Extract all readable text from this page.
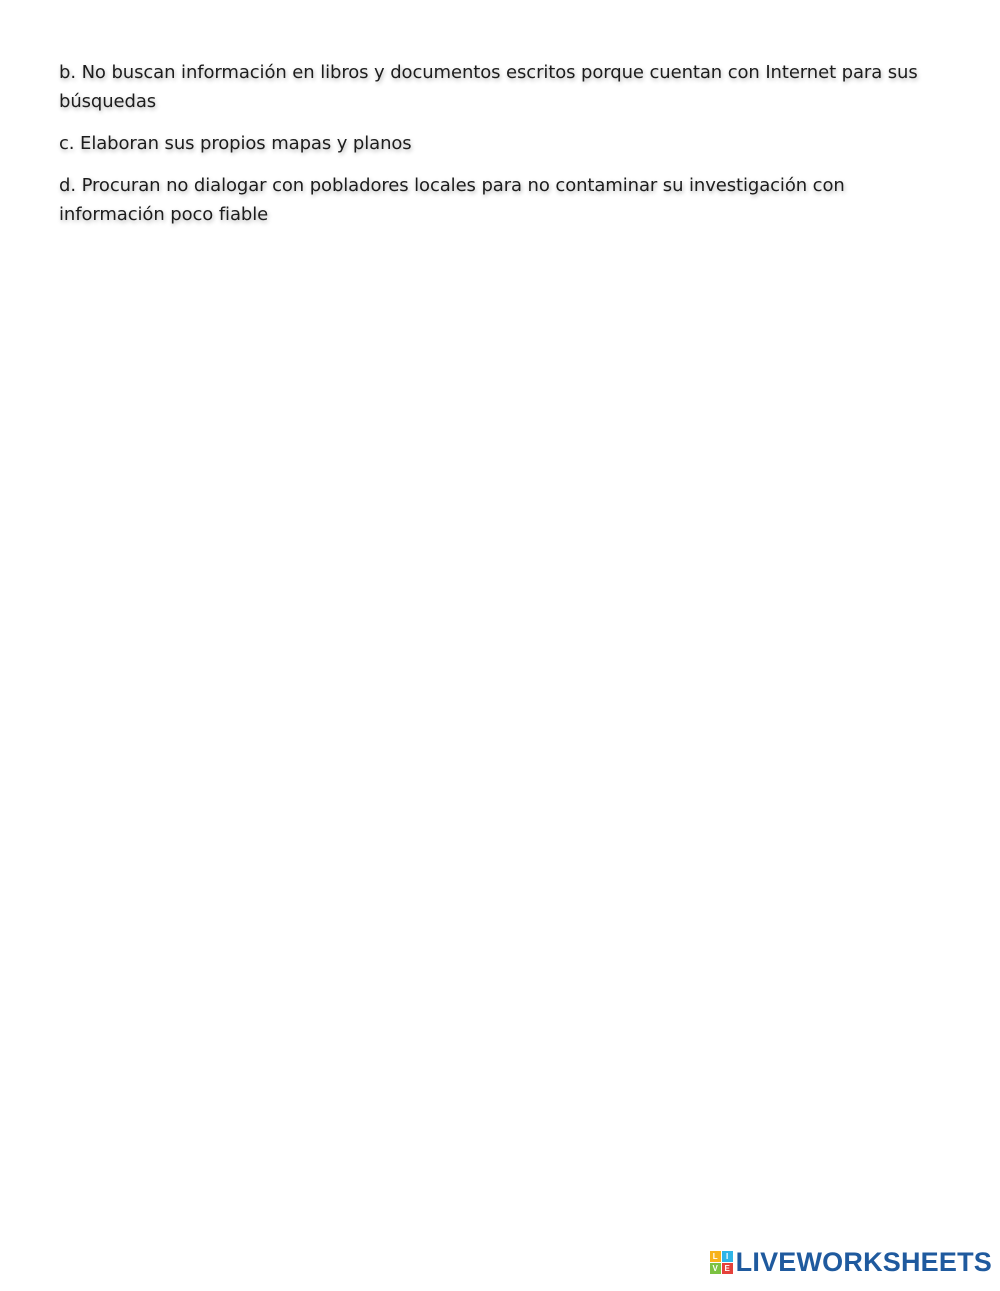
b. No buscan información en libros y documentos escritos porque cuentan con Internet para sus búsquedas

c. Elaboran sus propios mapas y planos

d. Procuran no dialogar con pobladores locales para no contaminar su investigación con información poco fiable

L	I
V E LIVEWORKSHEETS
